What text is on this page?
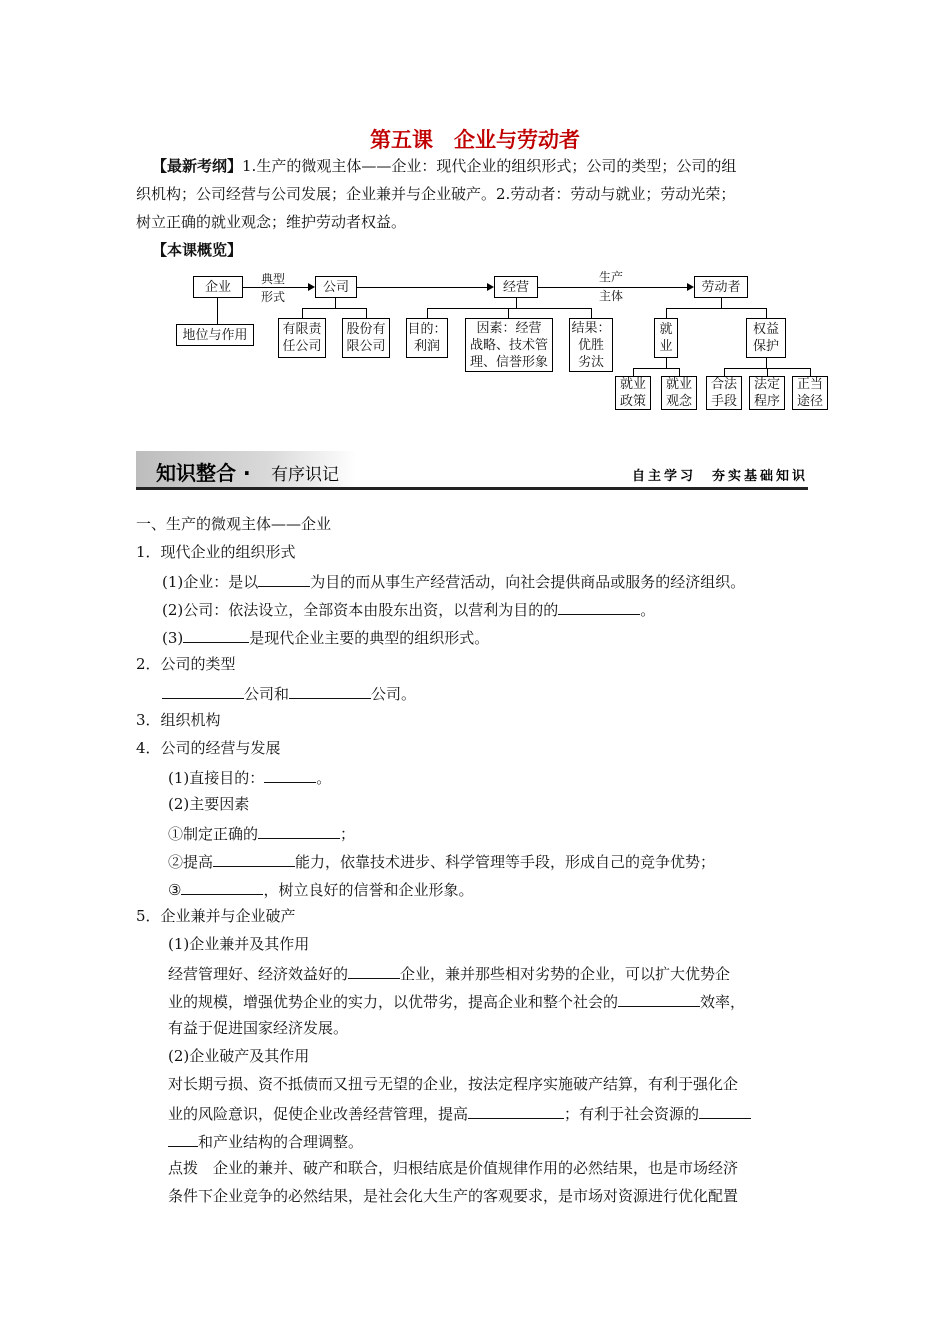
第五课　企业与劳动者
【最新考纲】1.生产的微观主体——企业：现代企业的组织形式；公司的类型；公司的组
织机构；公司经营与公司发展；企业兼并与企业破产。2.劳动者：劳动与就业；劳动光荣；
树立正确的就业观念；维护劳动者权益。
【本课概览】
企业	公司	经营	劳动者
典型
形式
生产
主体
地位与作用	有限责
任公司
股份有
限公司
目的：
利润
因素：经营
战略、技术管
理、信誉形象
结果：
优胜
劣汰
就
业
权益
保护
就业
政策
就业
观念
合法
手段
法定
程序
正当
途径
知识整合 · 有序识记	自主学习　夯实基础知识
一、生产的微观主体——企业
1．现代企业的组织形式
(1)企业：是以	为目的而从事生产经营活动，向社会提供商品或服务的经济组织。
(2)公司：依法设立，全部资本由股东出资，以营利为目的的	。
(3)	是现代企业主要的典型的组织形式。
2．公司的类型
公司和	公司。
3．组织机构
4．公司的经营与发展
(1)直接目的：	。
(2)主要因素
①制定正确的	；
②提高	能力，依靠技术进步、科学管理等手段，形成自己的竞争优势；
③	，树立良好的信誉和企业形象。
5．企业兼并与企业破产
(1)企业兼并及其作用
经营管理好、经济效益好的	企业，兼并那些相对劣势的企业，可以扩大优势企
业的规模，增强优势企业的实力，以优带劣，提高企业和整个社会的	效率，
有益于促进国家经济发展。
(2)企业破产及其作用
对长期亏损、资不抵债而又扭亏无望的企业，按法定程序实施破产结算，有利于强化企
业的风险意识，促使企业改善经营管理，提高	；有利于社会资源的
和产业结构的合理调整。
点拨　企业的兼并、破产和联合，归根结底是价值规律作用的必然结果，也是市场经济
条件下企业竞争的必然结果，是社会化大生产的客观要求，是市场对资源进行优化配置
